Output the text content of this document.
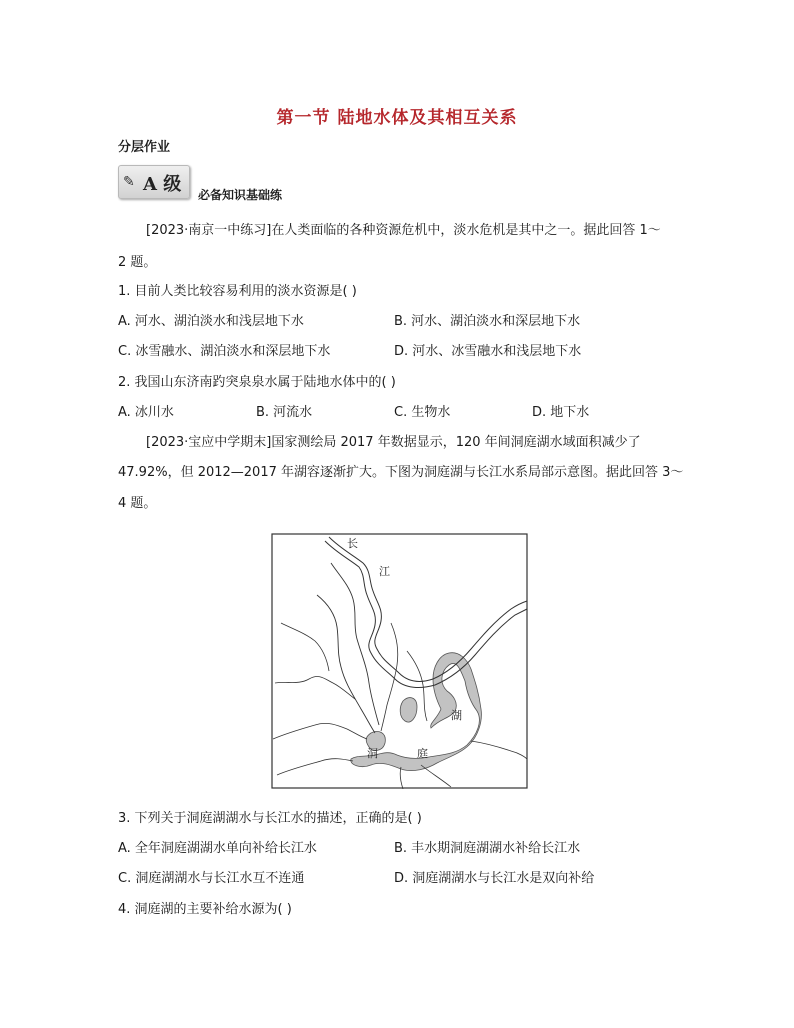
第一节 陆地水体及其相互关系
分层作业
✎ A 级 必备知识基础练
[2023·南京一中练习]在人类面临的各种资源危机中，淡水危机是其中之一。据此回答 1～
2 题。
1. 目前人类比较容易利用的淡水资源是( )
A. 河水、湖泊淡水和浅层地下水	B. 河水、湖泊淡水和深层地下水
C. 冰雪融水、湖泊淡水和深层地下水	D. 河水、冰雪融水和浅层地下水
2. 我国山东济南趵突泉泉水属于陆地水体中的( )
A. 冰川水	B. 河流水	C. 生物水	D. 地下水
[2023·宝应中学期末]国家测绘局 2017 年数据显示，120 年间洞庭湖水域面积减少了
47.92%，但 2012—2017 年湖容逐渐扩大。下图为洞庭湖与长江水系局部示意图。据此回答 3～
4 题。
长
江
湖
洞	庭
3. 下列关于洞庭湖湖水与长江水的描述，正确的是( )
A. 全年洞庭湖湖水单向补给长江水	B. 丰水期洞庭湖湖水补给长江水
C. 洞庭湖湖水与长江水互不连通	D. 洞庭湖湖水与长江水是双向补给
4. 洞庭湖的主要补给水源为( )
